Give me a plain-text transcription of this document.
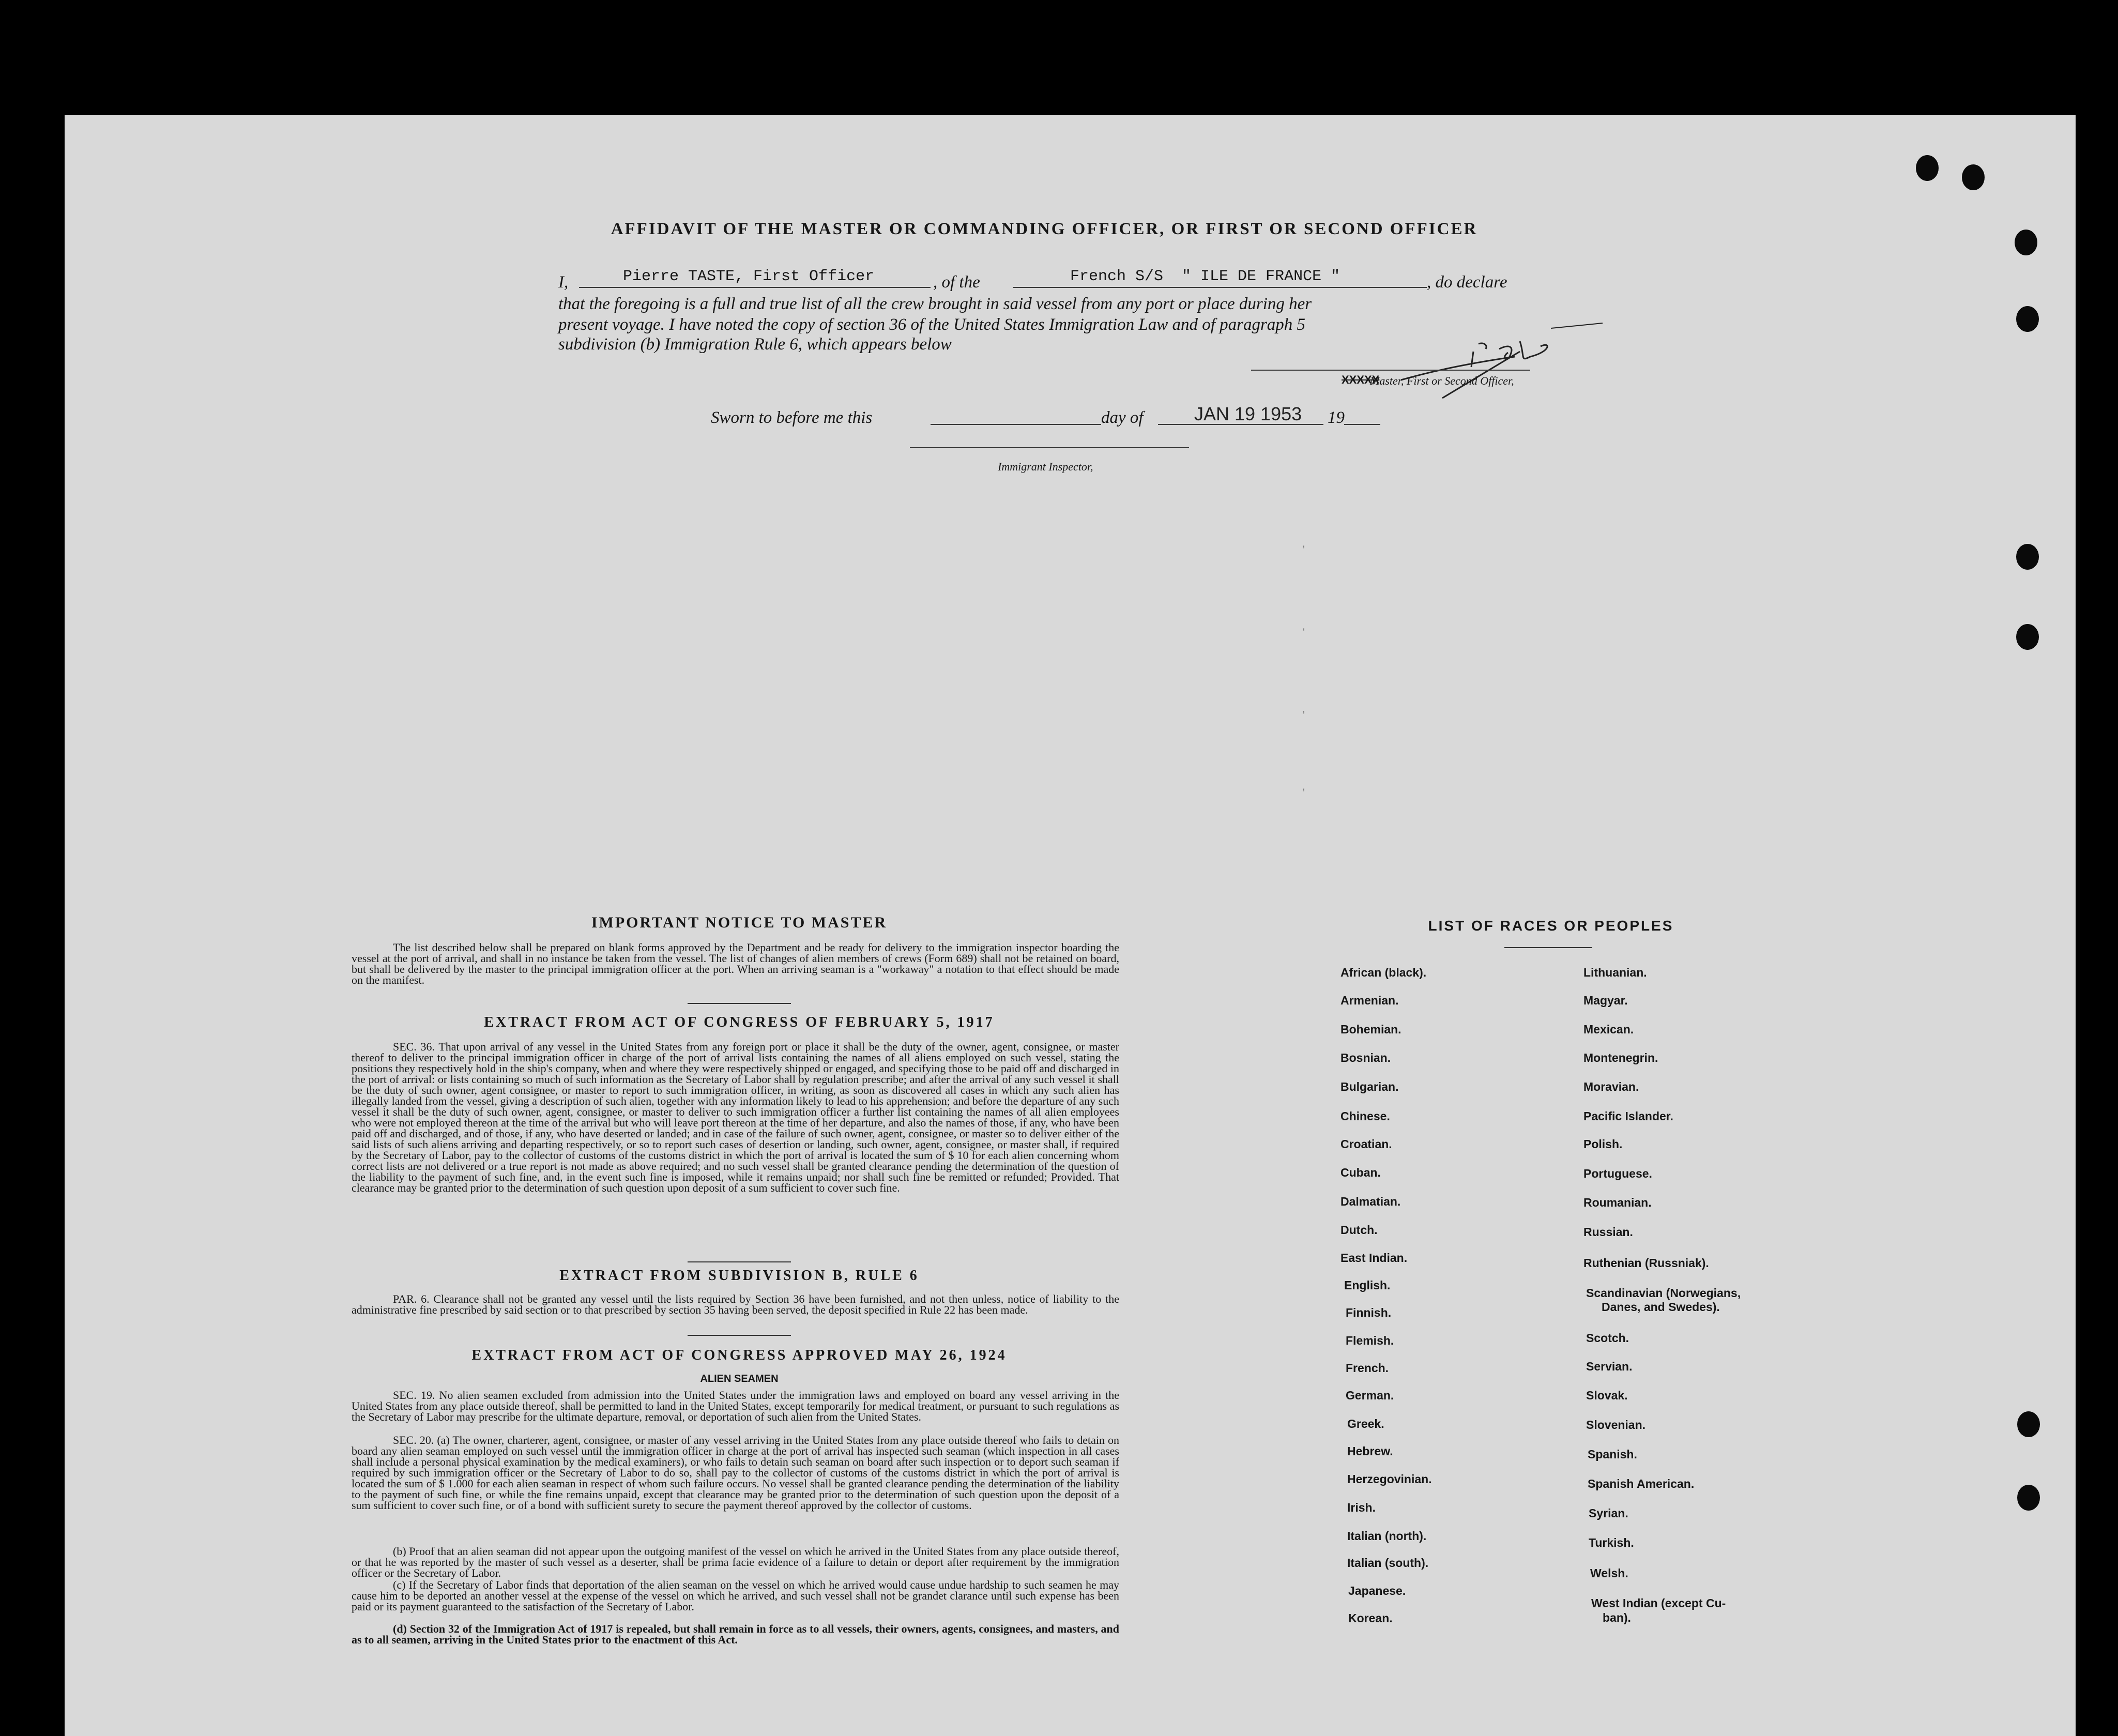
AFFIDAVIT OF THE MASTER OR COMMANDING OFFICER, OR FIRST OR SECOND OFFICER
I,	Pierre TASTE, First Officer	, of the	French S/S  " ILE DE FRANCE "	, do declare
that the foregoing is a full and true list of all the crew brought in said vessel from any port or place during her
present voyage. I have noted the copy of section 36 of the United States Immigration Law and of paragraph 5
subdivision (b) Immigration Rule 6, which appears below
XXXXX
Master, First or Second Officer,
Sworn to before me this	day of	JAN 19 1953 19
Immigrant Inspector,
'
'
'
'
IMPORTANT NOTICE TO MASTER
The list described below shall be prepared on blank forms approved by the Department and be ready for delivery to the immigration inspector boarding the vessel at the port of arrival, and shall in no instance be taken from the vessel. The list of changes of alien members of crews (Form 689) shall not be retained on board, but shall be delivered by the master to the principal immigration officer at the port. When an arriving seaman is a "workaway" a notation to that effect should be made on the manifest.
EXTRACT FROM ACT OF CONGRESS OF FEBRUARY 5, 1917
SEC. 36. That upon arrival of any vessel in the United States from any foreign port or place it shall be the duty of the owner, agent, consignee, or master thereof to deliver to the principal immigration officer in charge of the port of arrival lists containing the names of all aliens employed on such vessel, stating the positions they respectively hold in the ship's company, when and where they were respectively shipped or engaged, and specifying those to be paid off and discharged in the port of arrival: or lists containing so much of such information as the Secretary of Labor shall by regulation prescribe; and after the arrival of any such vessel it shall be the duty of such owner, agent consignee, or master to report to such immigration officer, in writing, as soon as discovered all cases in which any such alien has illegally landed from the vessel, giving a description of such alien, together with any information likely to lead to his apprehension; and before the departure of any such vessel it shall be the duty of such owner, agent, consignee, or master to deliver to such immigration officer a further list containing the names of all alien employees who were not employed thereon at the time of the arrival but who will leave port thereon at the time of her departure, and also the names of those, if any, who have been paid off and discharged, and of those, if any, who have deserted or landed; and in case of the failure of such owner, agent, consignee, or master so to deliver either of the said lists of such aliens arriving and departing respectively, or so to report such cases of desertion or landing, such owner, agent, consignee, or master shall, if required by the Secretary of Labor, pay to the collector of customs of the customs district in which the port of arrival is located the sum of $ 10 for each alien concerning whom correct lists are not delivered or a true report is not made as above required; and no such vessel shall be granted clearance pending the determination of the question of the liability to the payment of such fine, and, in the event such fine is imposed, while it remains unpaid; nor shall such fine be remitted or refunded; Provided. That clearance may be granted prior to the determination of such question upon deposit of a sum sufficient to cover such fine.
EXTRACT FROM SUBDIVISION B, RULE 6
PAR. 6. Clearance shall not be granted any vessel until the lists required by Section 36 have been furnished, and not then unless, notice of liability to the administrative fine prescribed by said section or to that prescribed by section 35 having been served, the deposit specified in Rule 22 has been made.
EXTRACT FROM ACT OF CONGRESS APPROVED MAY 26, 1924
ALIEN SEAMEN
SEC. 19. No alien seamen excluded from admission into the United States under the immigration laws and employed on board any vessel arriving in the United States from any place outside thereof, shall be permitted to land in the United States, except temporarily for medical treatment, or pursuant to such regulations as the Secretary of Labor may prescribe for the ultimate departure, removal, or deportation of such alien from the United States.
SEC. 20. (a) The owner, charterer, agent, consignee, or master of any vessel arriving in the United States from any place outside thereof who fails to detain on board any alien seaman employed on such vessel until the immigration officer in charge at the port of arrival has inspected such seaman (which inspection in all cases shall include a personal physical examination by the medical examiners), or who fails to detain such seaman on board after such inspection or to deport such seaman if required by such immigration officer or the Secretary of Labor to do so, shall pay to the collector of customs of the customs district in which the port of arrival is located the sum of $ 1.000 for each alien seaman in respect of whom such failure occurs. No vessel shall be granted clearance pending the determination of the liability to the payment of such fine, or while the fine remains unpaid, except that clearance may be granted prior to the determination of such question upon the deposit of a sum sufficient to cover such fine, or of a bond with sufficient surety to secure the payment thereof approved by the collector of customs.
(b) Proof that an alien seaman did not appear upon the outgoing manifest of the vessel on which he arrived in the United States from any place outside thereof, or that he was reported by the master of such vessel as a deserter, shall be prima facie evidence of a failure to detain or deport after requirement by the immigration officer or the Secretary of Labor.
(c) If the Secretary of Labor finds that deportation of the alien seaman on the vessel on which he arrived would cause undue hardship to such seamen he may cause him to be deported an another vessel at the expense of the vessel on which he arrived, and such vessel shall not be grandet clarance until such expense has been paid or its payment guaranteed to the satisfaction of the Secretary of Labor.
(d) Section 32 of the Immigration Act of 1917 is repealed, but shall remain in force as to all vessels, their owners, agents, consignees, and masters, and as to all seamen, arriving in the United States prior to the enactment of this Act.
LIST OF RACES OR PEOPLES
African (black).
Armenian.
Bohemian.
Bosnian.
Bulgarian.
Chinese.
Croatian.
Cuban.
Dalmatian.
Dutch.
East Indian.
English.
Finnish.
Flemish.
French.
German.
Greek.
Hebrew.
Herzegovinian.
Irish.
Italian (north).
Italian (south).
Japanese.
Korean.
Lithuanian.
Magyar.
Mexican.
Montenegrin.
Moravian.
Pacific Islander.
Polish.
Portuguese.
Roumanian.
Russian.
Ruthenian (Russniak).
Scandinavian (Norwegians,
Danes, and Swedes).
Scotch.
Servian.
Slovak.
Slovenian.
Spanish.
Spanish American.
Syrian.
Turkish.
Welsh.
West Indian (except Cu-
ban).
